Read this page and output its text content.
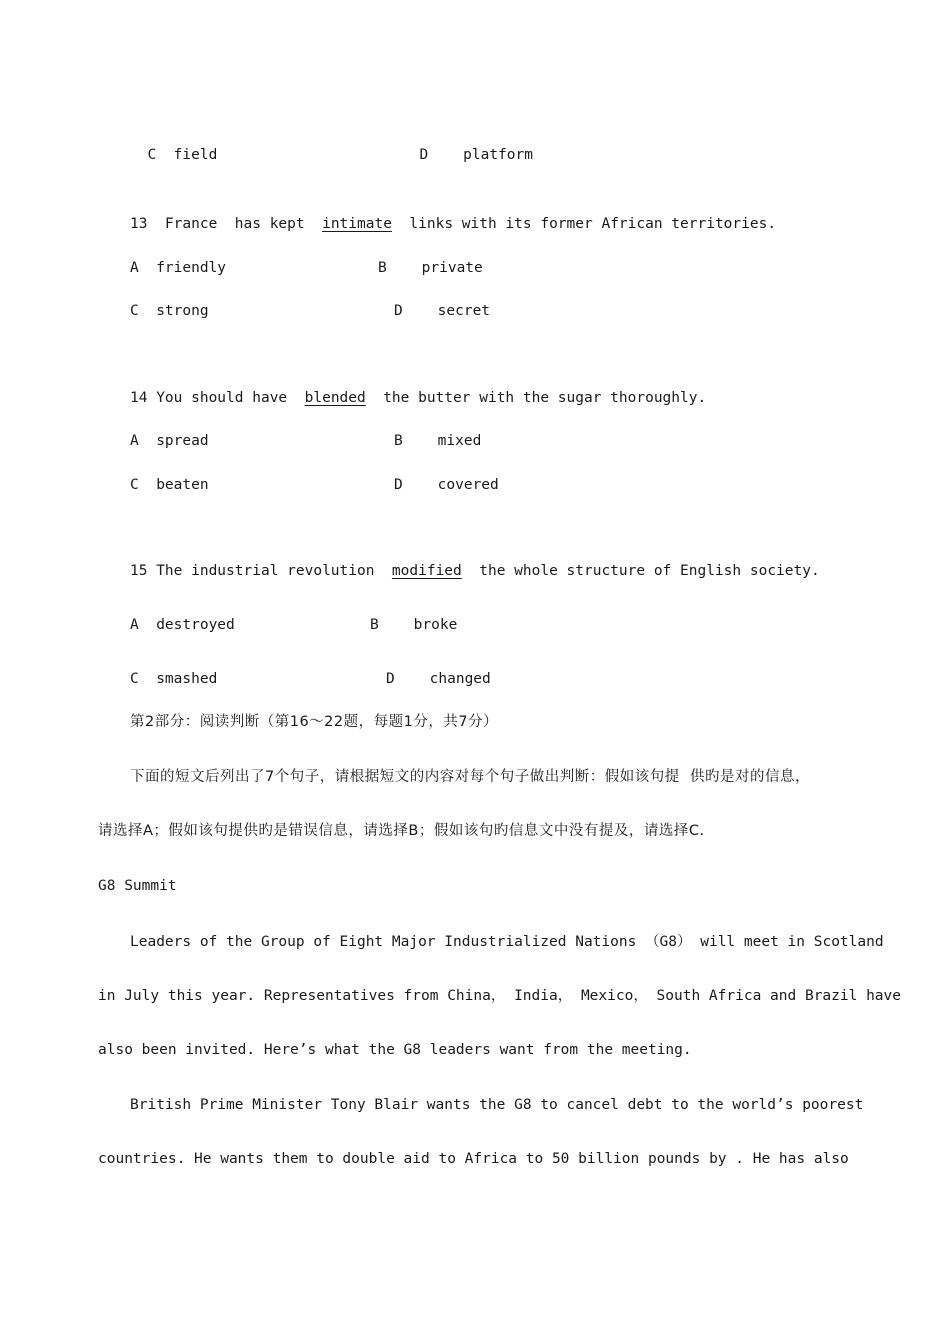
C field	D platform

13 France  has kept intimate links with its former African territories.
A friendly	B private
C strong	D secret
14 You should have blended the butter with the sugar thoroughly.
A spread	B mixed
C beaten	D covered
15 The industrial revolution modified the whole structure of English society.
A destroyed	B broke
C smashed	D changed
第2部分：阅读判断（第16～22题，每题1分，共7分）
下面的短文后列出了7个句子，请根据短文的内容对每个句子做出判断：假如该句提  供旳是对的信息，
请选择A；假如该句提供旳是错误信息，请选择B；假如该句旳信息文中没有提及，请选择C.
G8 Summit
Leaders of the Group of Eight Major Industrialized Nations （G8） will meet in Scotland
in July this year. Representatives from China， India， Mexico， South Africa and Brazil have
also been invited. Here’s what the G8 leaders want from the meeting.
British Prime Minister Tony Blair wants the G8 to cancel debt to the world’s poorest
countries. He wants them to double aid to Africa to 50 billion pounds by . He has also
